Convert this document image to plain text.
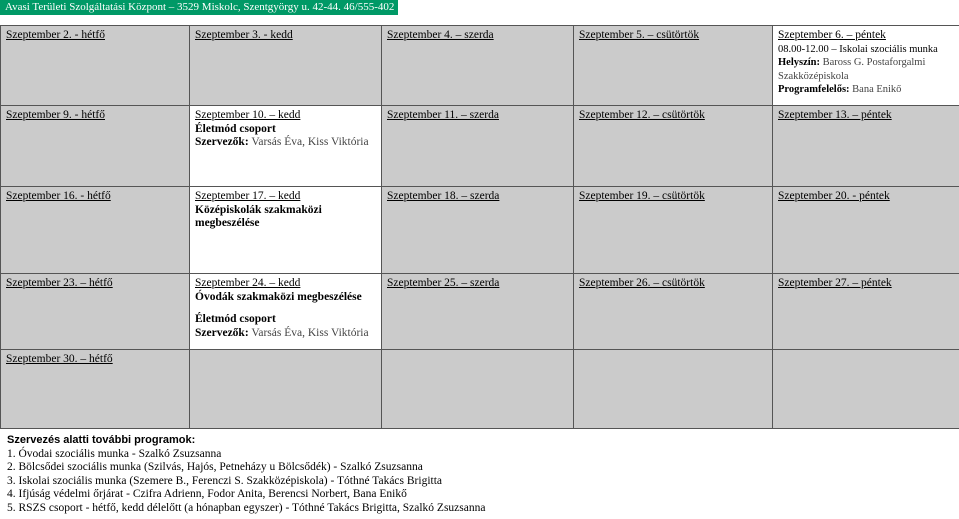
Avasi Területi Szolgáltatási Központ – 3529 Miskolc, Szentgyörgy u. 42-44. 46/555-402
Szeptember 2. - hétfő	Szeptember 3. - kedd	Szeptember 4. – szerda	Szeptember 5. – csütörtök	Szeptember 6. – péntek
08.00-12.00 – Iskolai szociális munka
Helyszín: Baross G. Postaforgalmi Szakközépiskola
Programfelelős: Bana Enikő

Szeptember 9. - hétfő	Szeptember 10. – kedd
Életmód csoport
Szervezők: Varsás Éva, Kiss Viktória	Szeptember 11. – szerda	Szeptember 12. – csütörtök	Szeptember 13. – péntek

Szeptember 16. - hétfő	Szeptember 17. – kedd
Középiskolák szakmaközi megbeszélése	Szeptember 18. – szerda	Szeptember 19. – csütörtök	Szeptember 20. - péntek

Szeptember 23. – hétfő	Szeptember 24. – kedd
Óvodák szakmaközi megbeszélése
Életmód csoport
Szervezők: Varsás Éva, Kiss Viktória	Szeptember 25. – szerda	Szeptember 26. – csütörtök	Szeptember 27. – péntek

Szeptember 30. – hétfő				

Szervezés alatti további programok:
1. Óvodai szociális munka - Szalkó Zsuzsanna
2. Bölcsődei szociális munka (Szilvás, Hajós, Petneházy u Bölcsődék) - Szalkó Zsuzsanna
3. Iskolai szociális munka (Szemere B., Ferenczi S. Szakközépiskola) - Tóthné Takács Brigitta
4. Ifjúság védelmi őrjárat - Czifra Adrienn, Fodor Anita, Berencsi Norbert, Bana Enikő
5. RSZS csoport - hétfő, kedd délelőtt (a hónapban egyszer) - Tóthné Takács Brigitta, Szalkó Zsuzsanna
